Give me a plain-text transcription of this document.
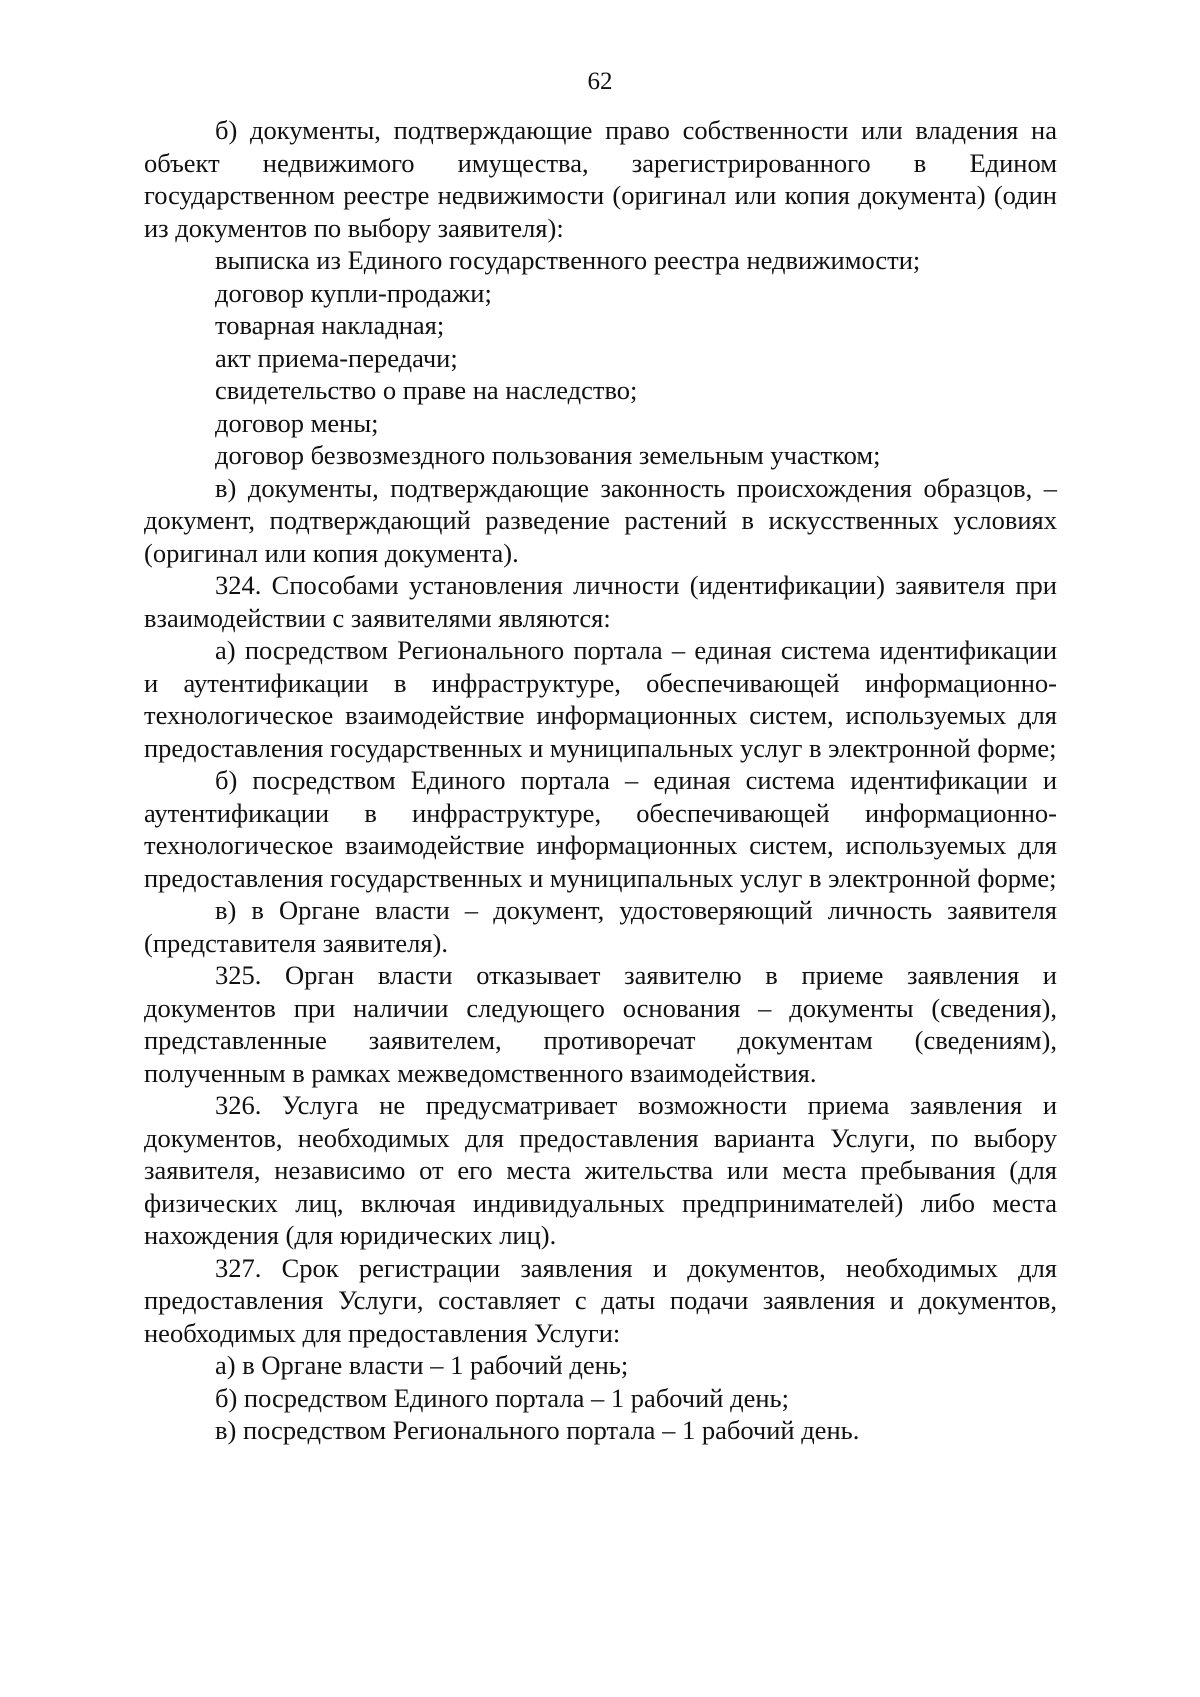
62

б) документы, подтверждающие право собственности или владения на объект недвижимого имущества, зарегистрированного в Едином государственном реестре недвижимости (оригинал или копия документа) (один из документов по выбору заявителя):

выписка из Единого государственного реестра недвижимости;

договор купли-продажи;

товарная накладная;

акт приема-передачи;

свидетельство о праве на наследство;

договор мены;

договор безвозмездного пользования земельным участком;

в) документы, подтверждающие законность происхождения образцов, – документ, подтверждающий разведение растений в искусственных условиях (оригинал или копия документа).

324. Способами установления личности (идентификации) заявителя при взаимодействии с заявителями являются:

а) посредством Регионального портала – единая система идентификации и аутентификации в инфраструктуре, обеспечивающей информационно-технологическое взаимодействие информационных систем, используемых для предоставления государственных и муниципальных услуг в электронной форме;

б) посредством Единого портала – единая система идентификации и аутентификации в инфраструктуре, обеспечивающей информационно-технологическое взаимодействие информационных систем, используемых для предоставления государственных и муниципальных услуг в электронной форме;

в) в Органе власти – документ, удостоверяющий личность заявителя (представителя заявителя).

325. Орган власти отказывает заявителю в приеме заявления и документов при наличии следующего основания – документы (сведения), представленные заявителем, противоречат документам (сведениям), полученным в рамках межведомственного взаимодействия.

326. Услуга не предусматривает возможности приема заявления и документов, необходимых для предоставления варианта Услуги, по выбору заявителя, независимо от его места жительства или места пребывания (для физических лиц, включая индивидуальных предпринимателей) либо места нахождения (для юридических лиц).

327. Срок регистрации заявления и документов, необходимых для предоставления Услуги, составляет с даты подачи заявления и документов, необходимых для предоставления Услуги:

а) в Органе власти – 1 рабочий день;

б) посредством Единого портала – 1 рабочий день;

в) посредством Регионального портала – 1 рабочий день.
